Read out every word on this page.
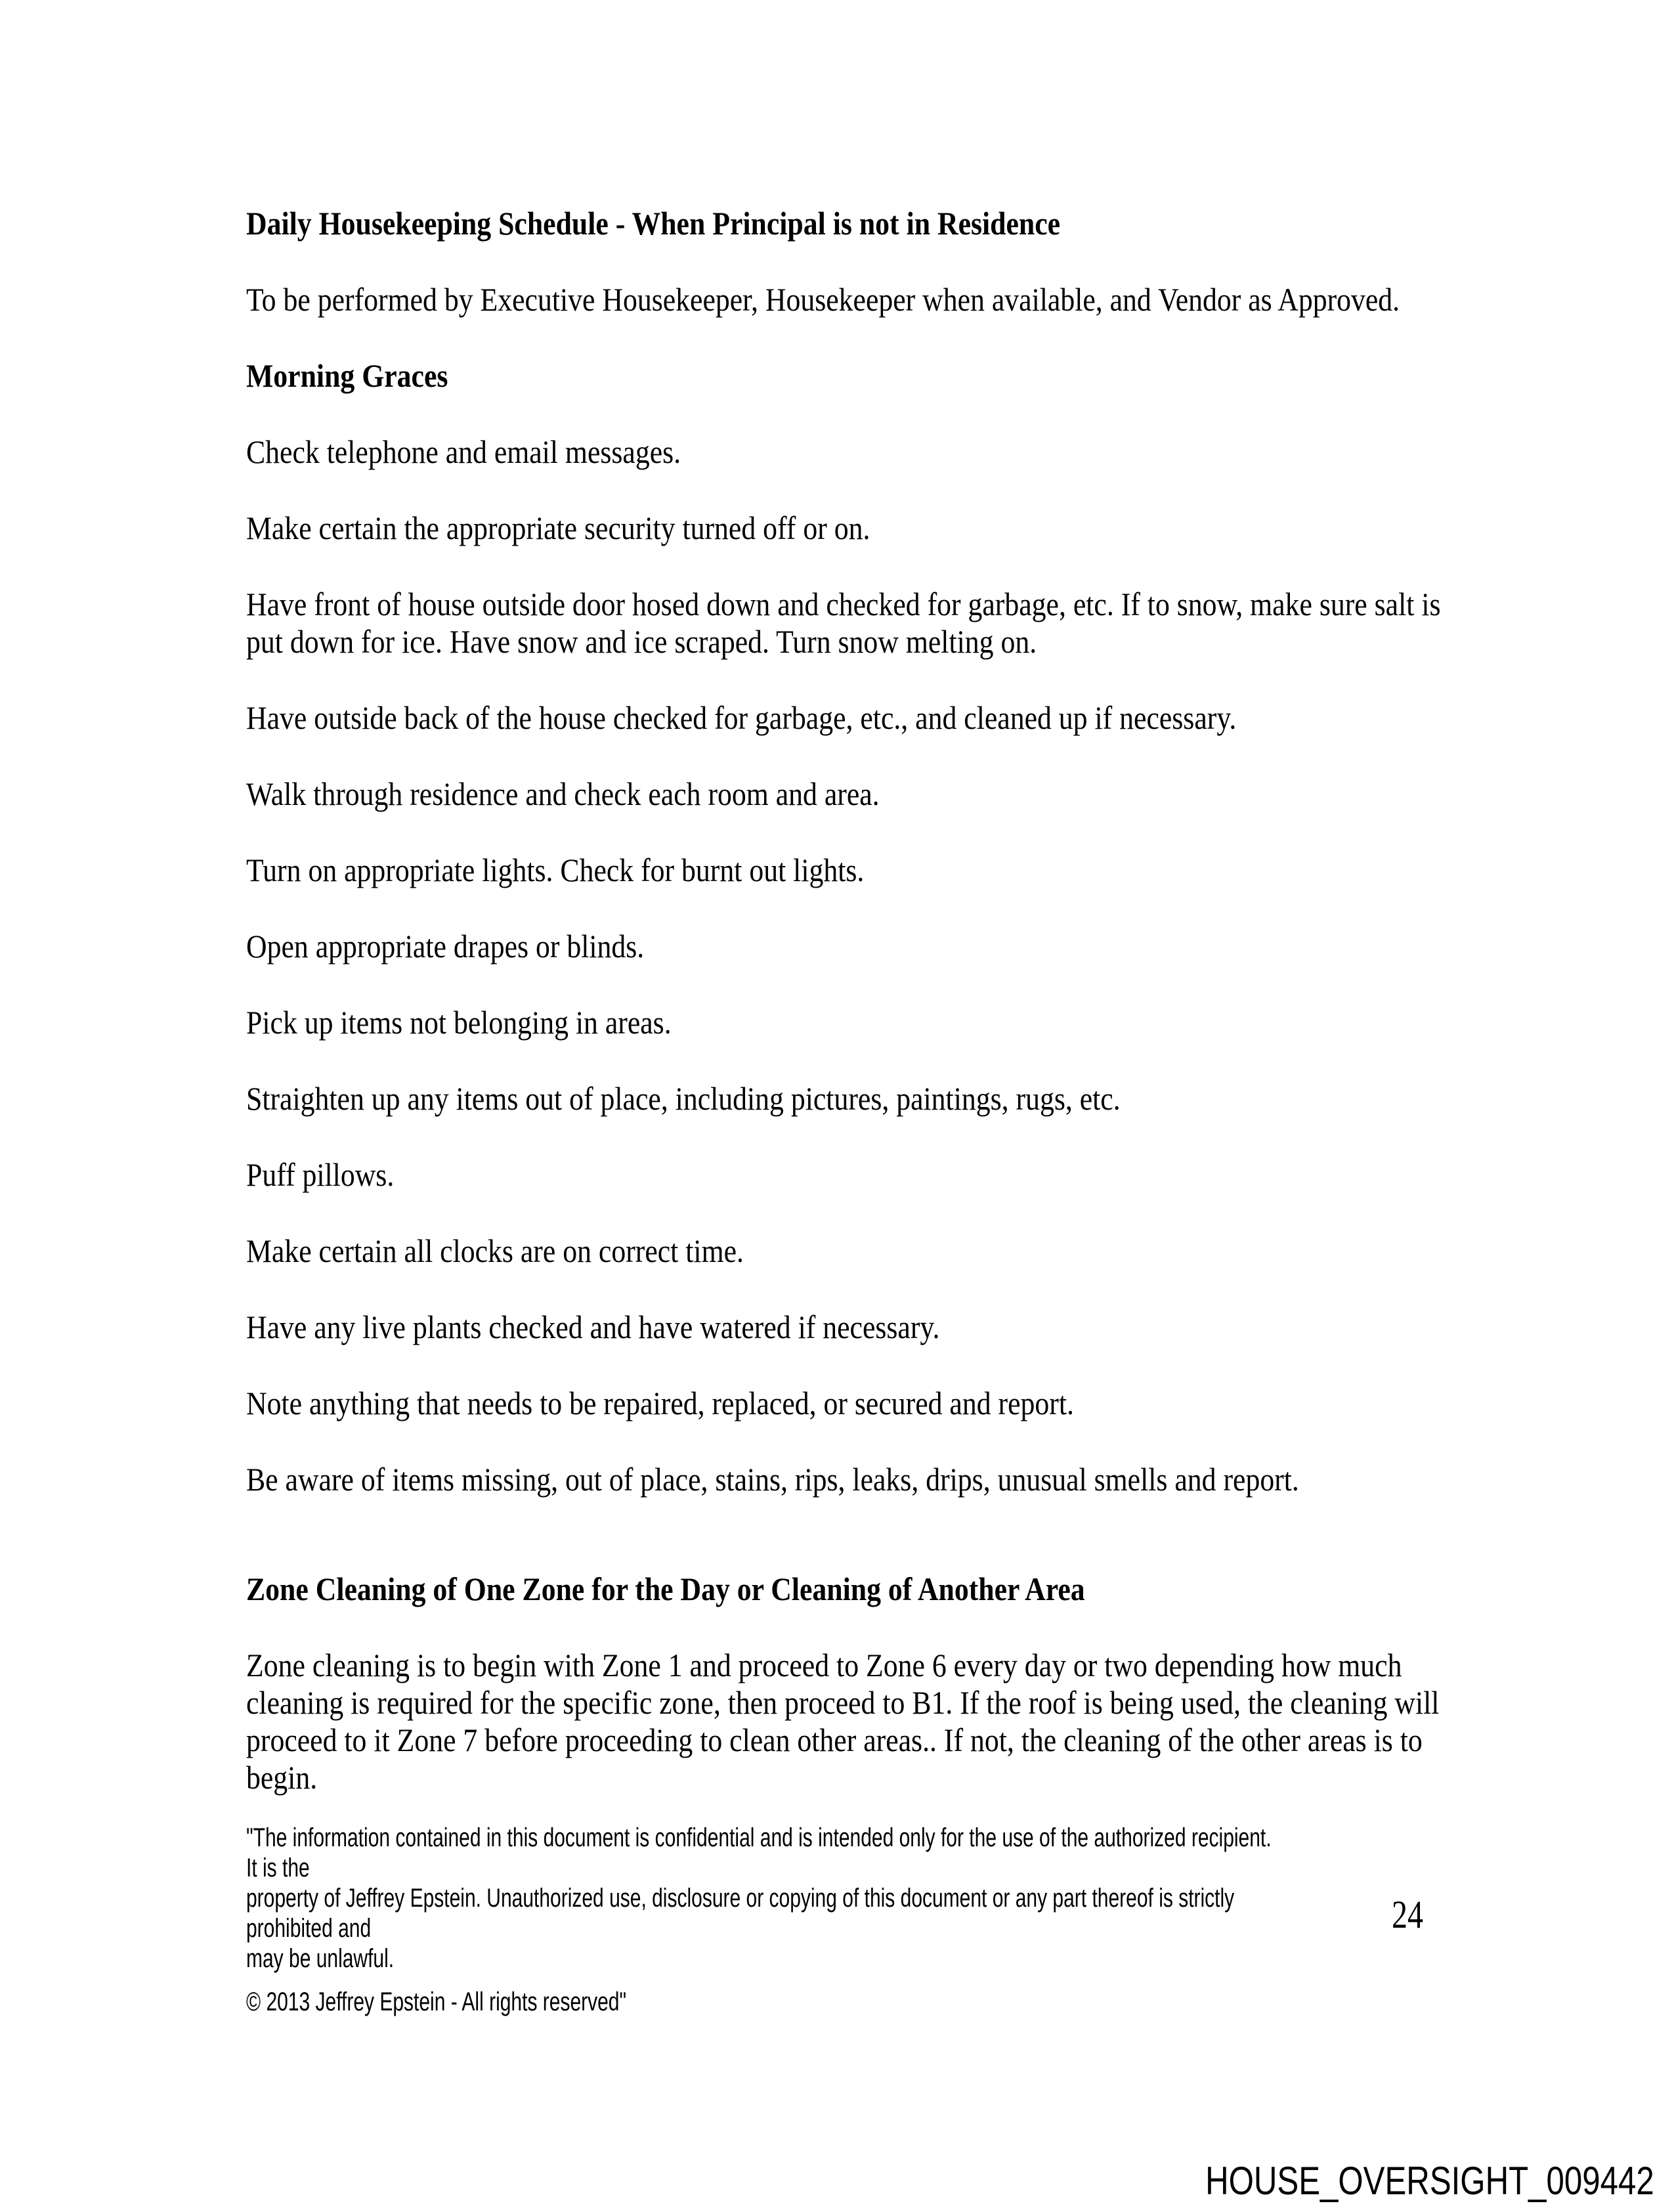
Daily Housekeeping Schedule - When Principal is not in Residence
To be performed by Executive Housekeeper, Housekeeper when available, and Vendor as Approved.
Morning Graces
Check telephone and email messages.
Make certain the appropriate security turned off or on.
Have front of house outside door hosed down and checked for garbage, etc. If to snow, make sure salt is put down for ice. Have snow and ice scraped. Turn snow melting on.
Have outside back of the house checked for garbage, etc., and cleaned up if necessary.
Walk through residence and check each room and area.
Turn on appropriate lights. Check for burnt out lights.
Open appropriate drapes or blinds.
Pick up items not belonging in areas.
Straighten up any items out of place, including pictures, paintings, rugs, etc.
Puff pillows.
Make certain all clocks are on correct time.
Have any live plants checked and have watered if necessary.
Note anything that needs to be repaired, replaced, or secured and report.
Be aware of items missing, out of place, stains, rips, leaks, drips, unusual smells and report.
Zone Cleaning of One Zone for the Day or Cleaning of Another Area
Zone cleaning is to begin with Zone 1 and proceed to Zone 6 every day or two depending how much cleaning is required for the specific zone, then proceed to B1. If the roof is being used, the cleaning will proceed to it Zone 7 before proceeding to clean other areas.. If not, the cleaning of the other areas is to begin.
"The information contained in this document is confidential and is intended only for the use of the authorized recipient.  It is the
property of Jeffrey Epstein. Unauthorized use, disclosure or copying of this document or any part thereof is strictly prohibited and
may be unlawful.
© 2013 Jeffrey Epstein - All rights reserved"
24
HOUSE_OVERSIGHT_009442
